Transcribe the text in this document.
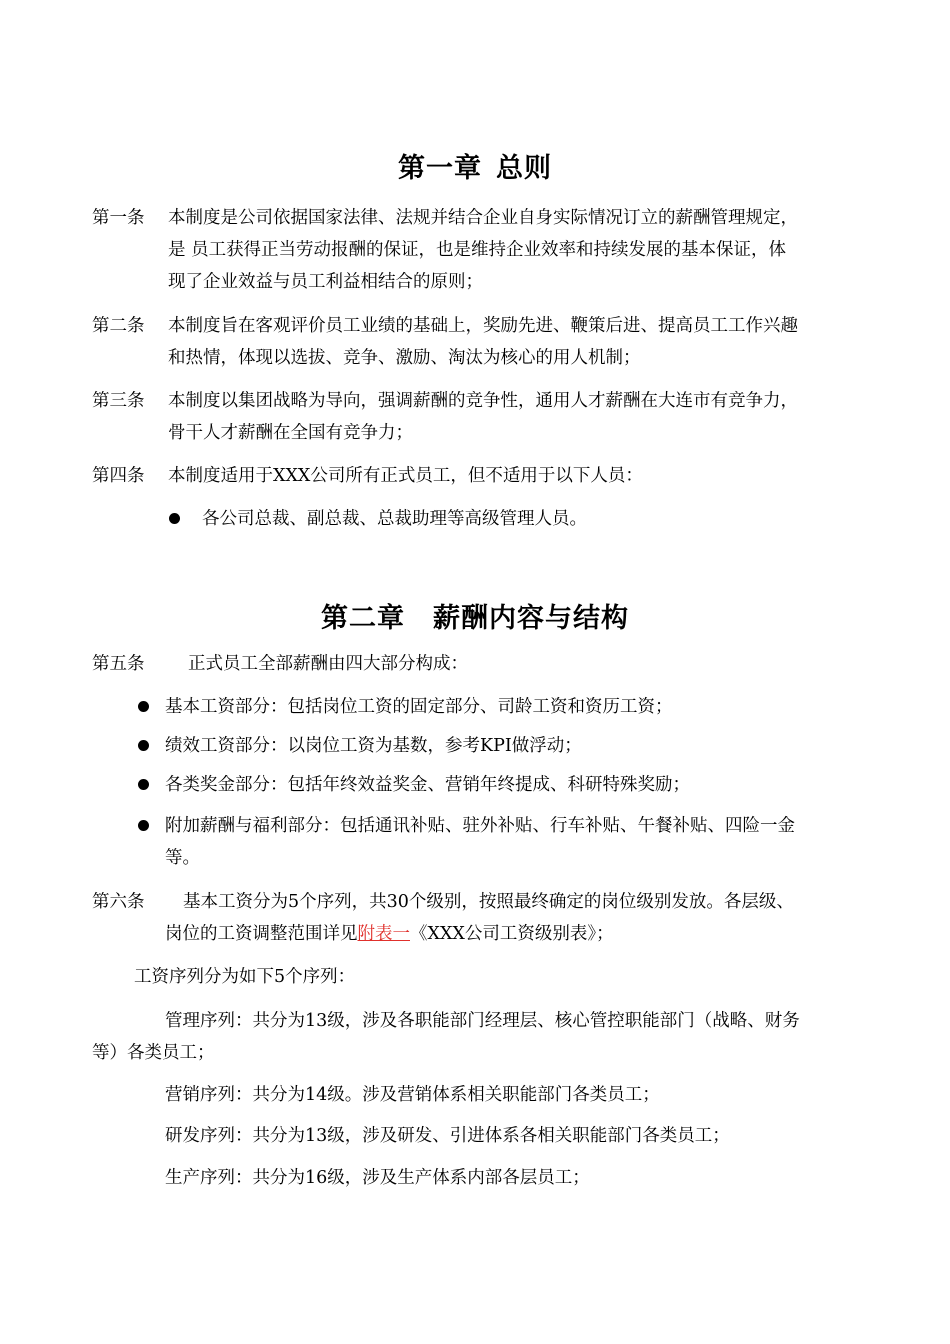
第一章 总则
第一条 本制度是公司依据国家法律、法规并结合企业自身实际情况订立的薪酬管理规定，
是 员工获得正当劳动报酬的保证，也是维持企业效率和持续发展的基本保证，体
现了企业效益与员工利益相结合的原则；
第二条 本制度旨在客观评价员工业绩的基础上，奖励先进、鞭策后进、提高员工工作兴趣
和热情，体现以选拔、竞争、激励、淘汰为核心的用人机制；
第三条 本制度以集团战略为导向，强调薪酬的竞争性，通用人才薪酬在大连市有竞争力，
骨干人才薪酬在全国有竞争力；
第四条 本制度适用于XXX公司所有正式员工，但不适用于以下人员：
各公司总裁、副总裁、总裁助理等高级管理人员。
第二章 薪酬内容与结构
第五条 正式员工全部薪酬由四大部分构成：
基本工资部分：包括岗位工资的固定部分、司龄工资和资历工资；
绩效工资部分：以岗位工资为基数，参考KPI做浮动；
各类奖金部分：包括年终效益奖金、营销年终提成、科研特殊奖励；
附加薪酬与福利部分：包括通讯补贴、驻外补贴、行车补贴、午餐补贴、四险一金
等。
第六条 基本工资分为5个序列，共30个级别，按照最终确定的岗位级别发放。各层级、
岗位的工资调整范围详见附表一《XXX公司工资级别表》；
工资序列分为如下5个序列：
管理序列：共分为13级，涉及各职能部门经理层、核心管控职能部门（战略、财务
等）各类员工；
营销序列：共分为14级。涉及营销体系相关职能部门各类员工；
研发序列：共分为13级，涉及研发、引进体系各相关职能部门各类员工；
生产序列：共分为16级，涉及生产体系内部各层员工；
